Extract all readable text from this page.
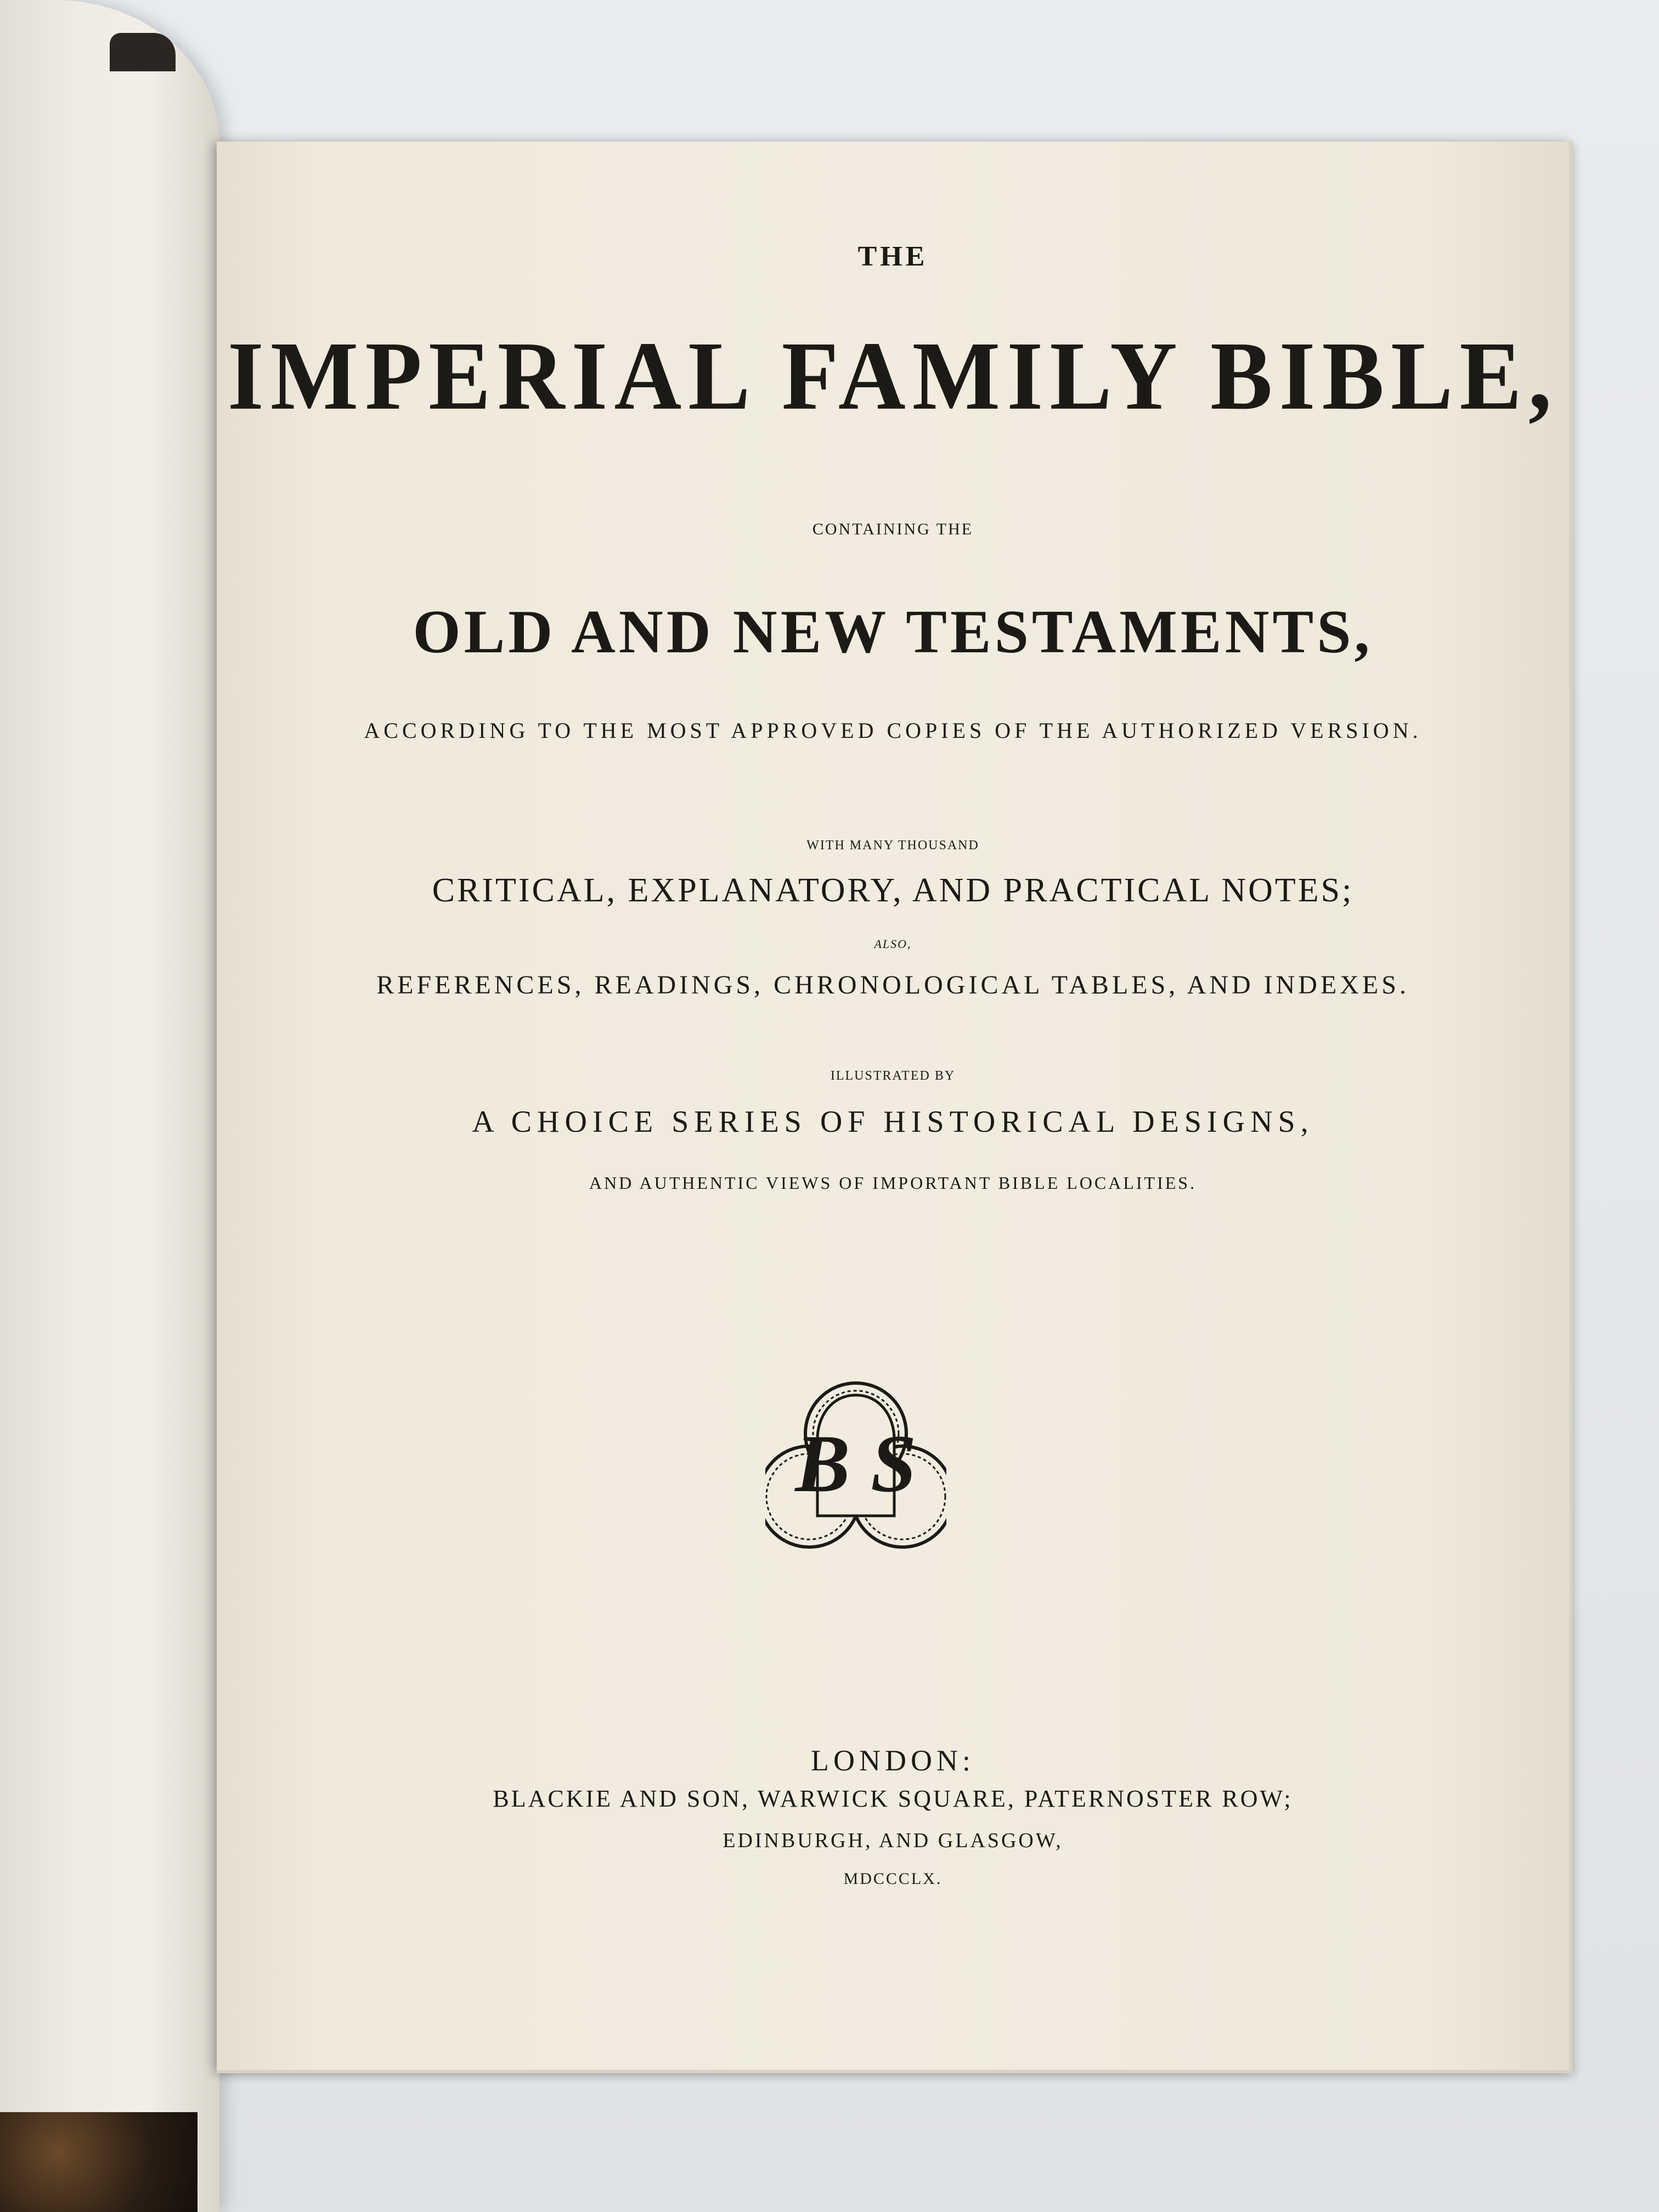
THE
IMPERIAL FAMILY BIBLE,
CONTAINING THE
OLD AND NEW TESTAMENTS,
ACCORDING TO THE MOST APPROVED COPIES OF THE AUTHORIZED VERSION.
WITH MANY THOUSAND
CRITICAL, EXPLANATORY, AND PRACTICAL NOTES;
ALSO,
REFERENCES, READINGS, CHRONOLOGICAL TABLES, AND INDEXES.
ILLUSTRATED BY
A CHOICE SERIES OF HISTORICAL DESIGNS,
AND AUTHENTIC VIEWS OF IMPORTANT BIBLE LOCALITIES.
B S
LONDON:
BLACKIE AND SON, WARWICK SQUARE, PATERNOSTER ROW;
EDINBURGH, AND GLASGOW,
MDCCCLX.
